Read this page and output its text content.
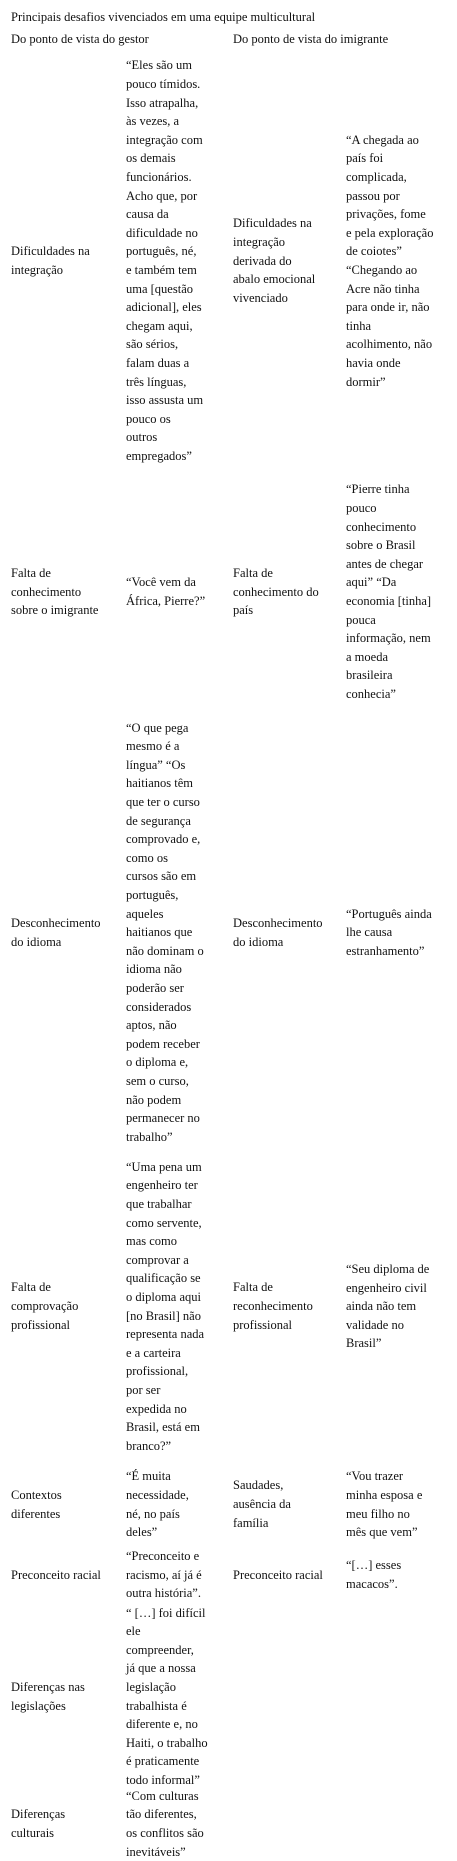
Principais desafios vivenciados em uma equipe multicultural
Do ponto de vista do gestor	Do ponto de vista do imigrante
Dificuldades na
integração
“Eles são um
pouco tímidos.
Isso atrapalha,
às vezes, a
integração com
os demais
funcionários.
Acho que, por
causa da
dificuldade no
português, né,
e também tem
uma [questão
adicional], eles
chegam aqui,
são sérios,
falam duas a
três línguas,
isso assusta um
pouco os
outros
empregados”
Dificuldades na
integração
derivada do
abalo emocional
vivenciado
“A chegada ao
país foi
complicada,
passou por
privações, fome
e pela exploração
de coiotes”
“Chegando ao
Acre não tinha
para onde ir, não
tinha
acolhimento, não
havia onde
dormir”
Falta de
conhecimento
sobre o imigrante
“Você vem da
África, Pierre?”
Falta de
conhecimento do
país
“Pierre tinha
pouco
conhecimento
sobre o Brasil
antes de chegar
aqui” “Da
economia [tinha]
pouca
informação, nem
a moeda
brasileira
conhecia”
Desconhecimento
do idioma
“O que pega
mesmo é a
língua” “Os
haitianos têm
que ter o curso
de segurança
comprovado e,
como os
cursos são em
português,
aqueles
haitianos que
não dominam o
idioma não
poderão ser
considerados
aptos, não
podem receber
o diploma e,
sem o curso,
não podem
permanecer no
trabalho”
Desconhecimento
do idioma
“Português ainda
lhe causa
estranhamento”
Falta de
comprovação
profissional
“Uma pena um
engenheiro ter
que trabalhar
como servente,
mas como
comprovar a
qualificação se
o diploma aqui
[no Brasil] não
representa nada
e a carteira
profissional,
por ser
expedida no
Brasil, está em
branco?”
Falta de
reconhecimento
profissional
“Seu diploma de
engenheiro civil
ainda não tem
validade no
Brasil”
Contextos
diferentes
“É muita
necessidade,
né, no país
deles”
Saudades,
ausência da
família
“Vou trazer
minha esposa e
meu filho no
mês que vem”
Preconceito racial
“Preconceito e
racismo, aí já é
outra história”.
Preconceito racial
“[…] esses
macacos”.
Diferenças nas
legislações
“ […] foi difícil
ele
compreender,
já que a nossa
legislação
trabalhista é
diferente e, no
Haiti, o trabalho
é praticamente
todo informal”
Diferenças
culturais
“Com culturas
tão diferentes,
os conflitos são
inevitáveis”
